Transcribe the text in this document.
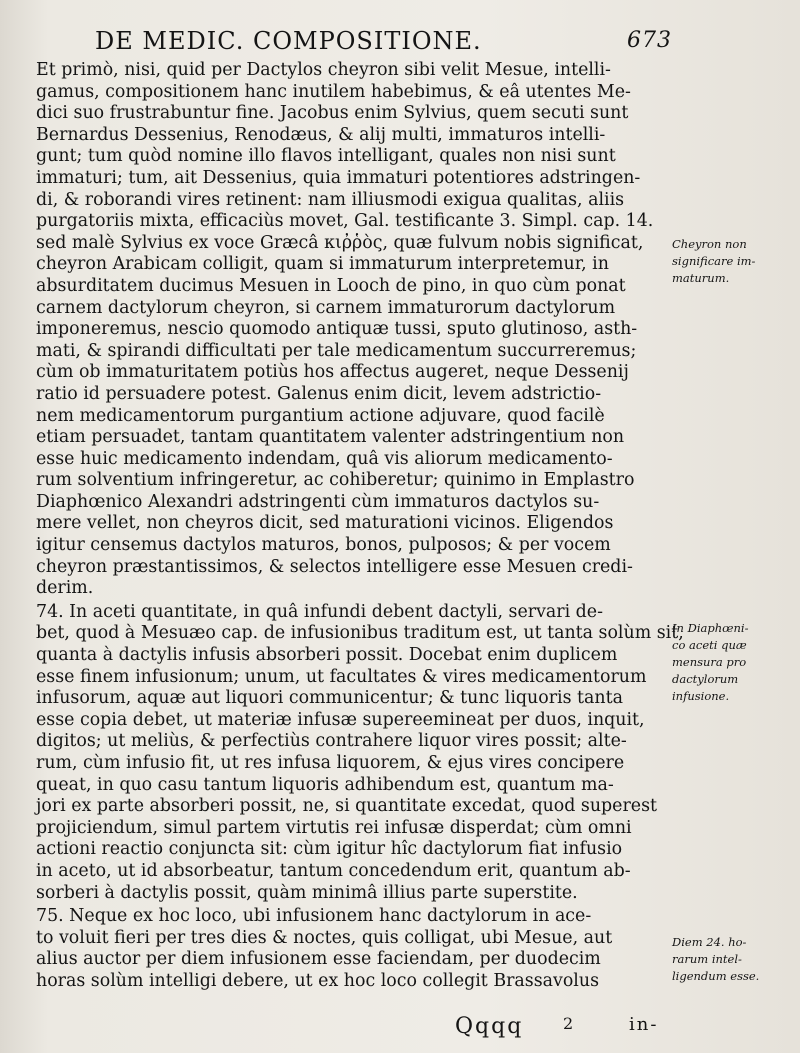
DE MEDIC. COMPOSITIONE.	673
Et primò, nisi, quid per Dactylos cheyron sibi velit Mesue, intelli-
gamus, compositionem hanc inutilem habebimus, & eâ utentes Me-
dici suo frustrabuntur fine. Jacobus enim Sylvius, quem secuti sunt
Bernardus Dessenius, Renodæus, & alij multi, immaturos intelli-
gunt; tum quòd nomine illo flavos intelligant, quales non nisi sunt
immaturi; tum, ait Dessenius, quia immaturi potentiores adstringen-
di, & roborandi vires retinent: nam illiusmodi exigua qualitas, aliis
purgatoriis mixta, efficaciùs movet, Gal. testificante 3. Simpl. cap. 14.
sed malè Sylvius ex voce Græcâ κιῤῥὸς, quæ fulvum nobis significat,
cheyron Arabicam colligit, quam si immaturum interpretemur, in
absurditatem ducimus Mesuen in Looch de pino, in quo cùm ponat
carnem dactylorum cheyron, si carnem immaturorum dactylorum
imponeremus, nescio quomodo antiquæ tussi, sputo glutinoso, asth-
mati, & spirandi difficultati per tale medicamentum succurreremus;
cùm ob immaturitatem potiùs hos affectus augeret, neque Dessenij
ratio id persuadere potest. Galenus enim dicit, levem adstrictio-
nem medicamentorum purgantium actione adjuvare, quod facilè
etiam persuadet, tantam quantitatem valenter adstringentium non
esse huic medicamento indendam, quâ vis aliorum medicamento-
rum solventium infringeretur, ac cohiberetur; quinimo in Emplastro
Diaphœnico Alexandri adstringenti cùm immaturos dactylos su-
mere vellet, non cheyros dicit, sed maturationi vicinos. Eligendos
igitur censemus dactylos maturos, bonos, pulposos; & per vocem
cheyron præstantissimos, & selectos intelligere esse Mesuen credi-
derim.
74. In aceti quantitate, in quâ infundi debent dactyli, servari de-
bet, quod à Mesuæo cap. de infusionibus traditum est, ut tanta solùm sit,
quanta à dactylis infusis absorberi possit. Docebat enim duplicem
esse finem infusionum; unum, ut facultates & vires medicamentorum
infusorum, aquæ aut liquori communicentur; & tunc liquoris tanta
esse copia debet, ut materiæ infusæ supereemineat per duos, inquit,
digitos; ut meliùs, & perfectiùs contrahere liquor vires possit; alte-
rum, cùm infusio fit, ut res infusa liquorem, & ejus vires concipere
queat, in quo casu tantum liquoris adhibendum est, quantum ma-
jori ex parte absorberi possit, ne, si quantitate excedat, quod superest
projiciendum, simul partem virtutis rei infusæ disperdat; cùm omni
actioni reactio conjuncta sit: cùm igitur hîc dactylorum fiat infusio
in aceto, ut id absorbeatur, tantum concedendum erit, quantum ab-
sorberi à dactylis possit, quàm minimâ illius parte superstite.
75. Neque ex hoc loco, ubi infusionem hanc dactylorum in ace-
to voluit fieri per tres dies & noctes, quis colligat, ubi Mesue, aut
alius auctor per diem infusionem esse faciendam, per duodecim
horas solùm intelligi debere, ut ex hoc loco collegit Brassavolus
Cheyron non
significare im-
maturum.
In Diaphœni-
co aceti quæ
mensura pro
dactylorum
infusione.
Diem 24. ho-
rarum intel-
ligendum esse.
Qqqq 2	in-
